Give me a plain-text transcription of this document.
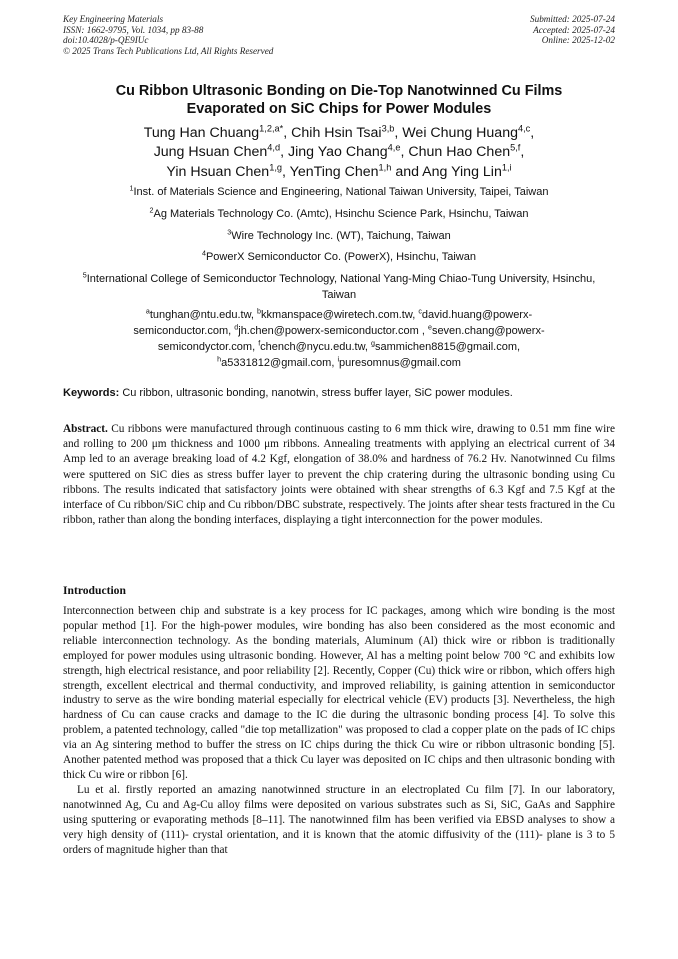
Key Engineering Materials
ISSN: 1662-9795, Vol. 1034, pp 83-88
doi:10.4028/p-QE9IUc
© 2025 Trans Tech Publications Ltd, All Rights Reserved
Submitted: 2025-07-24
Accepted: 2025-07-24
Online: 2025-12-02
Cu Ribbon Ultrasonic Bonding on Die-Top Nanotwinned Cu Films
Evaporated on SiC Chips for Power Modules
Tung Han Chuang$^{1,2,a*}$, Chih Hsin Tsai$^{3,b}$, Wei Chung Huang$^{4,c}$,
Jung Hsuan Chen$^{4,d}$, Jing Yao Chang$^{4,e}$, Chun Hao Chen$^{5,f}$,
Yin Hsuan Chen$^{1,g}$, YenTing Chen$^{1,h}$ and Ang Ying Lin$^{1,i}$
$^1$Inst. of Materials Science and Engineering, National Taiwan University, Taipei, Taiwan
$^2$Ag Materials Technology Co. (Amtc), Hsinchu Science Park, Hsinchu, Taiwan
$^3$Wire Technology Inc. (WT), Taichung, Taiwan
$^4$PowerX Semiconductor Co. (PowerX), Hsinchu, Taiwan
$^5$International College of Semiconductor Technology, National Yang-Ming Chiao-Tung University, Hsinchu, Taiwan
$^a$tunghan@ntu.edu.tw, $^b$kkmanspace@wiretech.com.tw, $^c$david.huang@powerx-
semiconductor.com, $^d$jh.chen@powerx-semiconductor.com , $^e$seven.chang@powerx-
semicondyctor.com, $^f$chench@nycu.edu.tw, $^g$sammichen8815@gmail.com,
$^h$a5331812@gmail.com, $^i$puresomnus@gmail.com
Keywords: Cu ribbon, ultrasonic bonding, nanotwin, stress buffer layer, SiC power modules.
Abstract. Cu ribbons were manufactured through continuous casting to 6 mm thick wire, drawing to 0.51 mm fine wire and rolling to 200 μm thickness and 1000 μm ribbons. Annealing treatments with applying an electrical current of 34 Amp led to an average breaking load of 4.2 Kgf, elongation of 38.0% and hardness of 76.2 Hv. Nanotwinned Cu films were sputtered on SiC dies as stress buffer layer to prevent the chip cratering during the ultrasonic bonding using Cu ribbons. The results indicated that satisfactory joints were obtained with shear strengths of 6.3 Kgf and 7.5 Kgf at the interface of Cu ribbon/SiC chip and Cu ribbon/DBC substrate, respectively. The joints after shear tests fractured in the Cu ribbon, rather than along the bonding interfaces, displaying a tight interconnection for the power modules.
Introduction

Interconnection between chip and substrate is a key process for IC packages, among which wire bonding is the most popular method [1]. For the high-power modules, wire bonding has also been considered as the most economic and reliable interconnection technology. As the bonding materials, Aluminum (Al) thick wire or ribbon is traditionally employed for power modules using ultrasonic bonding. However, Al has a melting point below 700 °C and exhibits low strength, high electrical resistance, and poor reliability [2]. Recently, Copper (Cu) thick wire or ribbon, which offers high strength, excellent electrical and thermal conductivity, and improved reliability, is gaining attention in semiconductor industry to serve as the wire bonding material especially for electrical vehicle (EV) products [3]. Nevertheless, the high hardness of Cu can cause cracks and damage to the IC die during the ultrasonic bonding process [4]. To solve this problem, a patented technology, called "die top metallization" was proposed to clad a copper plate on the pads of IC chips via an Ag sintering method to buffer the stress on IC chips during the thick Cu wire or ribbon ultrasonic bonding [5]. Another patented method was proposed that a thick Cu layer was deposited on IC chips and then ultrasonic bonding with thick Cu wire or ribbon [6].

Lu et al. firstly reported an amazing nanotwinned structure in an electroplated Cu film [7]. In our laboratory, nanotwinned Ag, Cu and Ag-Cu alloy films were deposited on various substrates such as Si, SiC, GaAs and Sapphire using sputtering or evaporating methods [8–11]. The nanotwinned film has been verified via EBSD analyses to show a very high density of (111)- crystal orientation, and it is known that the atomic diffusivity of the (111)- plane is 3 to 5 orders of magnitude higher than that
